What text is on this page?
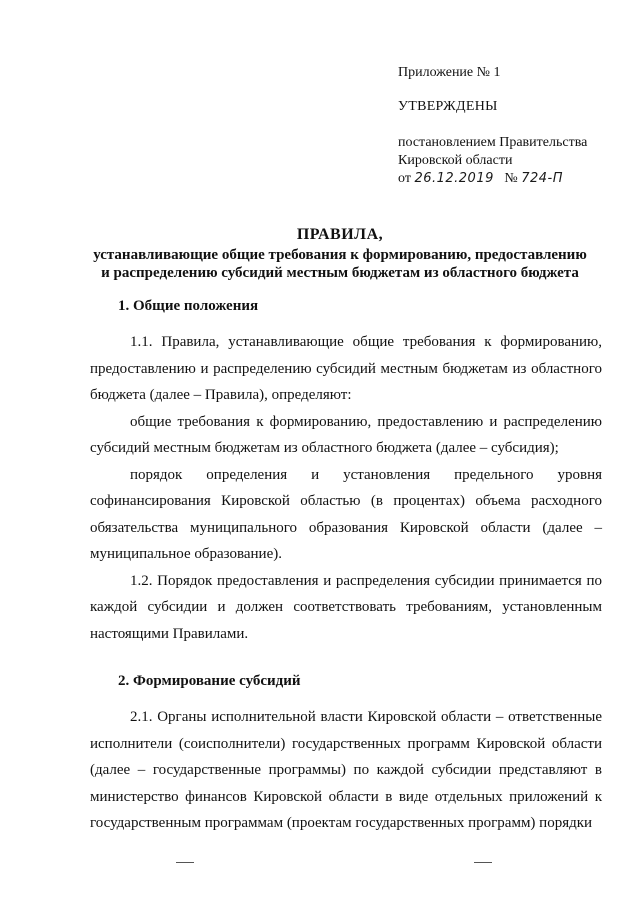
Приложение № 1
УТВЕРЖДЕНЫ
постановлением Правительства
Кировской области
от 26.12.2019 № 724-П
ПРАВИЛА,
устанавливающие общие требования к формированию, предоставлению
и распределению субсидий местным бюджетам из областного бюджета
1. Общие положения

1.1. Правила, устанавливающие общие требования к формированию, предоставлению и распределению субсидий местным бюджетам из областного бюджета (далее – Правила), определяют:

общие требования к формированию, предоставлению и распределению субсидий местным бюджетам из областного бюджета (далее – субсидия);

порядок определения и установления предельного уровня софинансирования Кировской областью (в процентах) объема расходного обязательства муниципального образования Кировской области (далее – муниципальное образование).

1.2. Порядок предоставления и распределения субсидии принимается по каждой субсидии и должен соответствовать требованиям, установленным настоящими Правилами.

2. Формирование субсидий

2.1. Органы исполнительной власти Кировской области – ответственные исполнители (соисполнители) государственных программ Кировской области (далее – государственные программы) по каждой субсидии представляют в министерство финансов Кировской области в виде отдельных приложений к государственным программам (проектам государственных программ) порядки
